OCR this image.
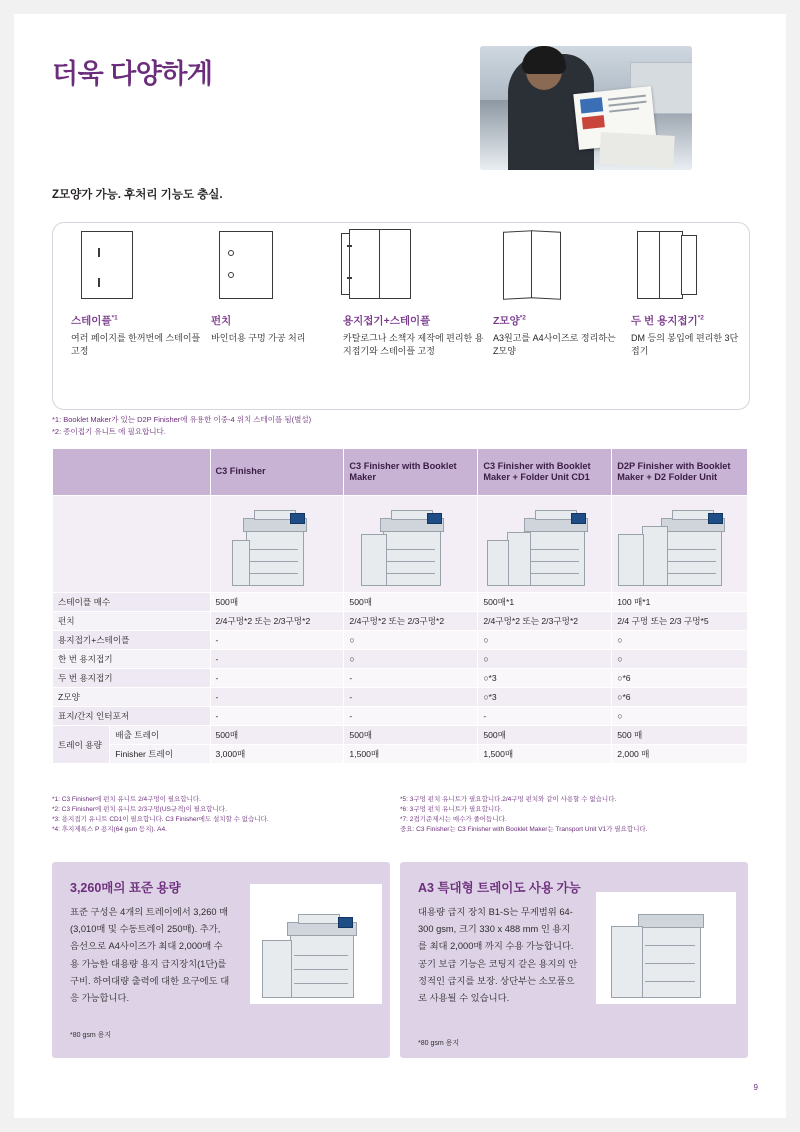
더욱 다양하게
Z모양가 가능. 후처리 기능도 충실.
스테이플$^{*1}$
여러 페이지를 한꺼번에 스테이플 고정
펀치
바인더용 구멍 가공 처리
용지접기+스테이플
카탈로그나 소책자 제작에 편리한 용지접기와 스테이플 고정
Z모양$^{*2}$
A3원고를 A4사이즈로 정리하는 Z모양
두 번 용지접기$^{*2}$
DM 등의 봉입에 편리한 3단 접기
*1: Booklet Maker가 있는 D2P Finisher에 유용한 이중-4 위치 스테이플 됨(별설)
*2: 종이접기 유니트 에 필요합니다.
		C3 Finisher	C3 Finisher with Booklet Maker	C3 Finisher with Booklet Maker + Folder Unit CD1	D2P Finisher with Booklet Maker + D2 Folder Unit

스테이플 매수		500매	500매	500매*1	100 매*1
펀치		2/4구멍*2 또는 2/3구멍*2	2/4구멍*2 또는 2/3구멍*2	2/4구멍*2 또는 2/3구멍*2	2/4 구멍 또는 2/3 구멍*5
용지접기+스테이플		-	○	○	○
한 번 용지접기		-	○	○	○
두 번 용지접기		-	-	○*3	○*6
Z모양		-	-	○*3	○*6
표지/간지 인터포저		-	-	-	○
트레이 용량	배출 트레이	500매	500매	500매	500 매
	Finisher 트레이	3,000매	1,500매	1,500매	2,000 매
*1: C3 Finisher에 펀치 유니트 2/4구멍이 필요합니다.
*2: C3 Finisher에 펀치 유니트 2/3구멍(US규격)이 필요합니다.
*3: 용지접기 유니트 CD1이 필요합니다. C3 Finisher에도 설치할 수 없습니다.
*4: 후지제록스 P 용지(64 gsm 등지). A4.
*5: 3구멍 펀치 유니트가 필요합니다.2/4구멍 펀치와 같이 사용할 수 없습니다.
*6: 3구멍 펀치 유니트가 필요합니다.
*7: 2겹기준제시는 매수가 줄어듭니다.
중요: C3 Finisher는 C3 Finisher with Booklet Maker는 Transport Unit V1가 필요합니다.
3,260매의 표준 용량

표준 구성은 4개의 트레이에서 3,260 매 (3,010매 및 수동트레이 250매). 추가, 음선으로 A4사이즈가 최대 2,000매 수용 가능한 대용량 용지 급지장치(1단)를 구비. 하여대량 출력에 대한 요구에도 대응 가능합니다.

*80 gsm 용지
A3 특대형 트레이도 사용 가능

대용량 급지 장치 B1-S는 무게범위 64-300 gsm, 크기 330 x 488 mm 인 용지를 최대 2,000매 까지 수용 가능합니다. 공기 보급 기능은 코팅지 같은 용지의 안정적인 급지를 보장. 상단부는 소모품으로 사용될 수 있습니다.

*80 gsm 용지
9
